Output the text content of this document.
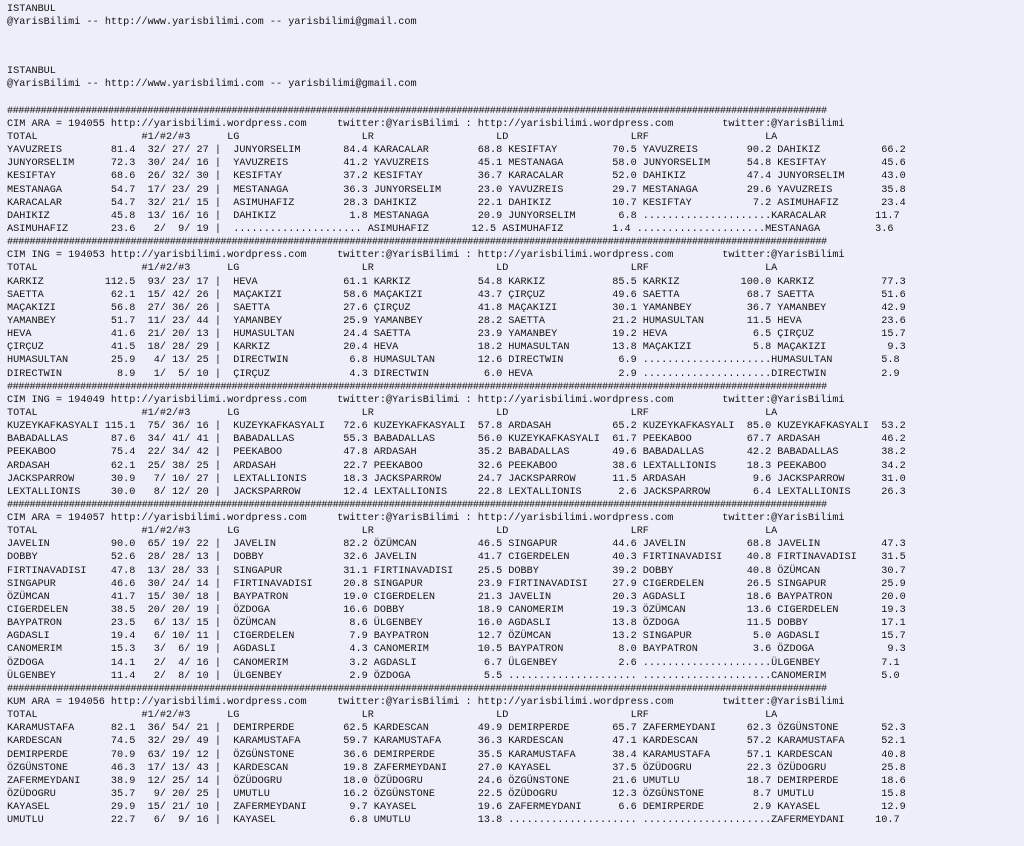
ISTANBUL
@YarisBilimi -- http://www.yarisbilimi.com -- yarisbilimi@gmail.com
ISTANBUL
@YarisBilimi -- http://www.yarisbilimi.com -- yarisbilimi@gmail.com
##################################################################################################################################################
CIM ARA = 194055 http://yarisbilimi.wordpress.com     twitter:@YarisBilimi : http://yarisbilimi.wordpress.com        twitter:@YarisBilimi
TOTAL                 #1/#2/#3      LG                    LR                    LD                    LRF                   LA
YAVUZREIS        81.4  32/ 27/ 27 |  JUNYORSELIM       84.4 KARACALAR        68.8 KESIFTAY         70.5 YAVUZREIS        90.2 DAHIKIZ          66.2
JUNYORSELIM      72.3  30/ 24/ 16 |  YAVUZREIS         41.2 YAVUZREIS        45.1 MESTANAGA        58.0 JUNYORSELIM      54.8 KESIFTAY         45.6
KESIFTAY         68.6  26/ 32/ 30 |  KESIFTAY          37.2 KESIFTAY         36.7 KARACALAR        52.0 DAHIKIZ          47.4 JUNYORSELIM      43.0
MESTANAGA        54.7  17/ 23/ 29 |  MESTANAGA         36.3 JUNYORSELIM      23.0 YAVUZREIS        29.7 MESTANAGA        29.6 YAVUZREIS        35.8
KARACALAR        54.7  32/ 21/ 15 |  ASIMUHAFIZ        28.3 DAHIKIZ          22.1 DAHIKIZ          10.7 KESIFTAY          7.2 ASIMUHAFIZ       23.4
DAHIKIZ          45.8  13/ 16/ 16 |  DAHIKIZ            1.8 MESTANAGA        20.9 JUNYORSELIM       6.8 .....................KARACALAR        11.7
ASIMUHAFIZ       23.6   2/  9/ 19 |  ..................... ASIMUHAFIZ       12.5 ASIMUHAFIZ        1.4 .....................MESTANAGA         3.6
##################################################################################################################################################
CIM ING = 194053 http://yarisbilimi.wordpress.com     twitter:@YarisBilimi : http://yarisbilimi.wordpress.com        twitter:@YarisBilimi
TOTAL                 #1/#2/#3      LG                    LR                    LD                    LRF                   LA
KARKIZ          112.5  93/ 23/ 17 |  HEVA              61.1 KARKIZ           54.8 KARKIZ           85.5 KARKIZ          100.0 KARKIZ           77.3
SAETTA           62.1  15/ 42/ 26 |  MAÇAKIZI          58.6 MAÇAKIZI         43.7 ÇIRÇUZ           49.6 SAETTA           68.7 SAETTA           51.6
MAÇAKIZI         56.8  27/ 36/ 26 |  SAETTA            27.6 ÇIRÇUZ           41.8 MAÇAKIZI         30.1 YAMANBEY         36.7 YAMANBEY         42.9
YAMANBEY         51.7  11/ 23/ 44 |  YAMANBEY          25.9 YAMANBEY         28.2 SAETTA           21.2 HUMASULTAN       11.5 HEVA             23.6
HEVA             41.6  21/ 20/ 13 |  HUMASULTAN        24.4 SAETTA           23.9 YAMANBEY         19.2 HEVA              6.5 ÇIRÇUZ           15.7
ÇIRÇUZ           41.5  18/ 28/ 29 |  KARKIZ            20.4 HEVA             18.2 HUMASULTAN       13.8 MAÇAKIZI          5.8 MAÇAKIZI          9.3
HUMASULTAN       25.9   4/ 13/ 25 |  DIRECTWIN          6.8 HUMASULTAN       12.6 DIRECTWIN         6.9 .....................HUMASULTAN        5.8
DIRECTWIN         8.9   1/  5/ 10 |  ÇIRÇUZ             4.3 DIRECTWIN         6.0 HEVA              2.9 .....................DIRECTWIN         2.9
##################################################################################################################################################
CIM ING = 194049 http://yarisbilimi.wordpress.com     twitter:@YarisBilimi : http://yarisbilimi.wordpress.com        twitter:@YarisBilimi
TOTAL                 #1/#2/#3      LG                    LR                    LD                    LRF                   LA
KUZEYKAFKASYALI 115.1  75/ 36/ 16 |  KUZEYKAFKASYALI   72.6 KUZEYKAFKASYALI  57.8 ARDASAH          65.2 KUZEYKAFKASYALI  85.0 KUZEYKAFKASYALI  53.2
BABADALLAS       87.6  34/ 41/ 41 |  BABADALLAS        55.3 BABADALLAS       56.0 KUZEYKAFKASYALI  61.7 PEEKABOO         67.7 ARDASAH          46.2
PEEKABOO         75.4  22/ 34/ 42 |  PEEKABOO          47.8 ARDASAH          35.2 BABADALLAS       49.6 BABADALLAS       42.2 BABADALLAS       38.2
ARDASAH          62.1  25/ 38/ 25 |  ARDASAH           22.7 PEEKABOO         32.6 PEEKABOO         38.6 LEXTALLIONIS     18.3 PEEKABOO         34.2
JACKSPARROW      30.9   7/ 10/ 27 |  LEXTALLIONIS      18.3 JACKSPARROW      24.7 JACKSPARROW      11.5 ARDASAH           9.6 JACKSPARROW      31.0
LEXTALLIONIS     30.0   8/ 12/ 20 |  JACKSPARROW       12.4 LEXTALLIONIS     22.8 LEXTALLIONIS      2.6 JACKSPARROW       6.4 LEXTALLIONIS     26.3
##################################################################################################################################################
CIM ARA = 194057 http://yarisbilimi.wordpress.com     twitter:@YarisBilimi : http://yarisbilimi.wordpress.com        twitter:@YarisBilimi
TOTAL                 #1/#2/#3      LG                    LR                    LD                    LRF                   LA
JAVELIN          90.0  65/ 19/ 22 |  JAVELIN           82.2 ÖZÜMCAN          46.5 SINGAPUR         44.6 JAVELIN          68.8 JAVELIN          47.3
DOBBY            52.6  28/ 28/ 13 |  DOBBY             32.6 JAVELIN          41.7 CIGERDELEN       40.3 FIRTINAVADISI    40.8 FIRTINAVADISI    31.5
FIRTINAVADISI    47.8  13/ 28/ 33 |  SINGAPUR          31.1 FIRTINAVADISI    25.5 DOBBY            39.2 DOBBY            40.8 ÖZÜMCAN          30.7
SINGAPUR         46.6  30/ 24/ 14 |  FIRTINAVADISI     20.8 SINGAPUR         23.9 FIRTINAVADISI    27.9 CIGERDELEN       26.5 SINGAPUR         25.9
ÖZÜMCAN          41.7  15/ 30/ 18 |  BAYPATRON         19.0 CIGERDELEN       21.3 JAVELIN          20.3 AGDASLI          18.6 BAYPATRON        20.0
CIGERDELEN       38.5  20/ 20/ 19 |  ÖZDOGA            16.6 DOBBY            18.9 CANOMERIM        19.3 ÖZÜMCAN          13.6 CIGERDELEN       19.3
BAYPATRON        23.5   6/ 13/ 15 |  ÖZÜMCAN            8.6 ÜLGENBEY         16.0 AGDASLI          13.8 ÖZDOGA           11.5 DOBBY            17.1
AGDASLI          19.4   6/ 10/ 11 |  CIGERDELEN         7.9 BAYPATRON        12.7 ÖZÜMCAN          13.2 SINGAPUR          5.0 AGDASLI          15.7
CANOMERIM        15.3   3/  6/ 19 |  AGDASLI            4.3 CANOMERIM        10.5 BAYPATRON         8.0 BAYPATRON         3.6 ÖZDOGA            9.3
ÖZDOGA           14.1   2/  4/ 16 |  CANOMERIM          3.2 AGDASLI           6.7 ÜLGENBEY          2.6 .....................ÜLGENBEY          7.1
ÜLGENBEY         11.4   2/  8/ 10 |  ÜLGENBEY           2.9 ÖZDOGA            5.5 ..................... .....................CANOMERIM         5.0
##################################################################################################################################################
KUM ARA = 194056 http://yarisbilimi.wordpress.com     twitter:@YarisBilimi : http://yarisbilimi.wordpress.com        twitter:@YarisBilimi
TOTAL                 #1/#2/#3      LG                    LR                    LD                    LRF                   LA
KARAMUSTAFA      82.1  36/ 54/ 21 |  DEMIRPERDE        62.5 KARDESCAN        49.9 DEMIRPERDE       65.7 ZAFERMEYDANI     62.3 ÖZGÜNSTONE       52.3
KARDESCAN        74.5  32/ 29/ 49 |  KARAMUSTAFA       59.7 KARAMUSTAFA      36.3 KARDESCAN        47.1 KARDESCAN        57.2 KARAMUSTAFA      52.1
DEMIRPERDE       70.9  63/ 19/ 12 |  ÖZGÜNSTONE        36.6 DEMIRPERDE       35.5 KARAMUSTAFA      38.4 KARAMUSTAFA      57.1 KARDESCAN        40.8
ÖZGÜNSTONE       46.3  17/ 13/ 43 |  KARDESCAN         19.8 ZAFERMEYDANI     27.0 KAYASEL          37.5 ÖZÜDOGRU         22.3 ÖZÜDOGRU         25.8
ZAFERMEYDANI     38.9  12/ 25/ 14 |  ÖZÜDOGRU          18.0 ÖZÜDOGRU         24.6 ÖZGÜNSTONE       21.6 UMUTLU           18.7 DEMIRPERDE       18.6
ÖZÜDOGRU         35.7   9/ 20/ 25 |  UMUTLU            16.2 ÖZGÜNSTONE       22.5 ÖZÜDOGRU         12.3 ÖZGÜNSTONE        8.7 UMUTLU           15.8
KAYASEL          29.9  15/ 21/ 10 |  ZAFERMEYDANI       9.7 KAYASEL          19.6 ZAFERMEYDANI      6.6 DEMIRPERDE        2.9 KAYASEL          12.9
UMUTLU           22.7   6/  9/ 16 |  KAYASEL            6.8 UMUTLU           13.8 ..................... .....................ZAFERMEYDANI     10.7
